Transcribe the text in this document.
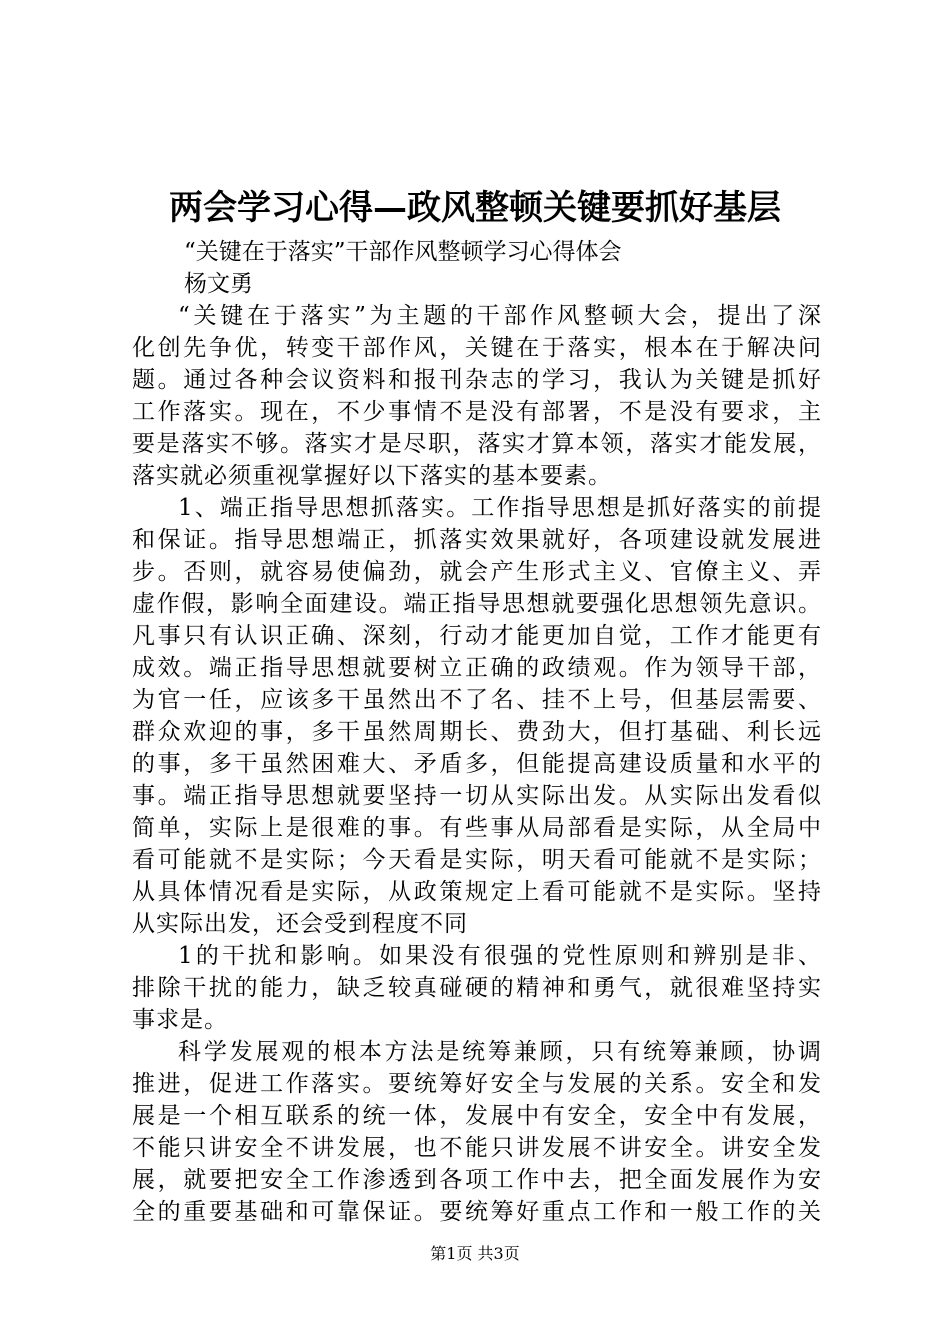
两会学习心得—政风整顿关键要抓好基层
“关键在于落实”干部作风整顿学习心得体会
杨文勇
“关键在于落实”为主题的干部作风整顿大会，提出了深
化创先争优，转变干部作风，关键在于落实，根本在于解决问
题。通过各种会议资料和报刊杂志的学习，我认为关键是抓好
工作落实。现在，不少事情不是没有部署，不是没有要求，主
要是落实不够。落实才是尽职，落实才算本领，落实才能发展，
落实就必须重视掌握好以下落实的基本要素。
1、端正指导思想抓落实。工作指导思想是抓好落实的前提
和保证。指导思想端正，抓落实效果就好，各项建设就发展进
步。否则，就容易使偏劲，就会产生形式主义、官僚主义、弄
虚作假，影响全面建设。端正指导思想就要强化思想领先意识。
凡事只有认识正确、深刻，行动才能更加自觉，工作才能更有
成效。端正指导思想就要树立正确的政绩观。作为领导干部，
为官一任，应该多干虽然出不了名、挂不上号，但基层需要、
群众欢迎的事，多干虽然周期长、费劲大，但打基础、利长远
的事，多干虽然困难大、矛盾多，但能提高建设质量和水平的
事。端正指导思想就要坚持一切从实际出发。从实际出发看似
简单，实际上是很难的事。有些事从局部看是实际，从全局中
看可能就不是实际；今天看是实际，明天看可能就不是实际；
从具体情况看是实际，从政策规定上看可能就不是实际。坚持
从实际出发，还会受到程度不同
1的干扰和影响。如果没有很强的党性原则和辨别是非、
排除干扰的能力，缺乏较真碰硬的精神和勇气，就很难坚持实
事求是。
科学发展观的根本方法是统筹兼顾，只有统筹兼顾，协调
推进，促进工作落实。要统筹好安全与发展的关系。安全和发
展是一个相互联系的统一体，发展中有安全，安全中有发展，
不能只讲安全不讲发展，也不能只讲发展不讲安全。讲安全发
展，就要把安全工作渗透到各项工作中去，把全面发展作为安
全的重要基础和可靠保证。要统筹好重点工作和一般工作的关
第1页 共3页
